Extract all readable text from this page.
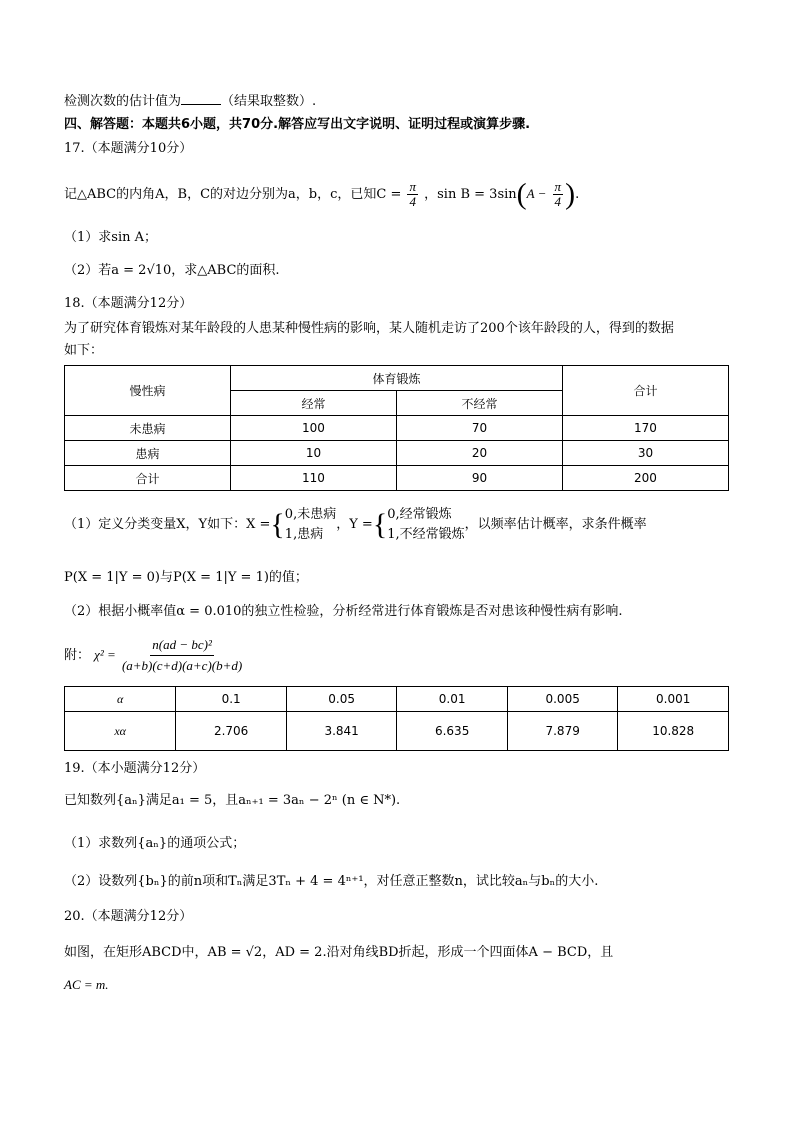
检测次数的估计值为	（结果取整数）.
四、解答题：本题共6小题，共70分.解答应写出文字说明、证明过程或演算步骤.
17.（本题满分10分）
记△ABC的内角A，B，C的对边分别为a，b，c，已知$C = \frac{\pi}{4}$ ，$\sin B = 3\sin(A - \frac{\pi}{4}$ ).
（1）求sin A；
（2）若a = 2√10，求△ABC的面积.
18.（本题满分12分）
为了研究体育锻炼对某年龄段的人患某种慢性病的影响，某人随机走访了200个该年龄段的人，得到的数据
如下：
慢性病	体育锻炼		合计
	经常	不经常	
未患病	100	70	170
患病	10	20	30
合计	110	90	200
（1）定义分类变量X，Y如下：X ={ 0,未患病
1,患病
，Y ={ 0,经常锻炼
1,不经常锻炼
，以频率估计概率，求条件概率
P(X = 1|Y = 0)与P(X = 1|Y = 1)的值；
（2）根据小概率值α = 0.010的独立性检验，分析经常进行体育锻炼是否对患该种慢性病有影响.
附： $\chi^2 = \frac{\text{n(ad − bc)²}}{(a+b)(c+d)(a+c)(b+d)}$
α	0.1	0.05	0.01	0.005	0.001
xα	2.706	3.841	6.635	7.879	10.828
19.（本小题满分12分）
已知数列{aₙ}满足a₁ = 5，且aₙ₊₁ = 3aₙ − 2ⁿ (n ∈ N*).
（1）求数列{aₙ}的通项公式；
（2）设数列{bₙ}的前n项和Tₙ满足3Tₙ + 4 = 4ⁿ⁺¹，对任意正整数n，试比较aₙ与bₙ的大小.
20.（本题满分12分）
如图，在矩形ABCD中，AB = √2，AD = 2.沿对角线BD折起，形成一个四面体A − BCD，且
AC = m.
